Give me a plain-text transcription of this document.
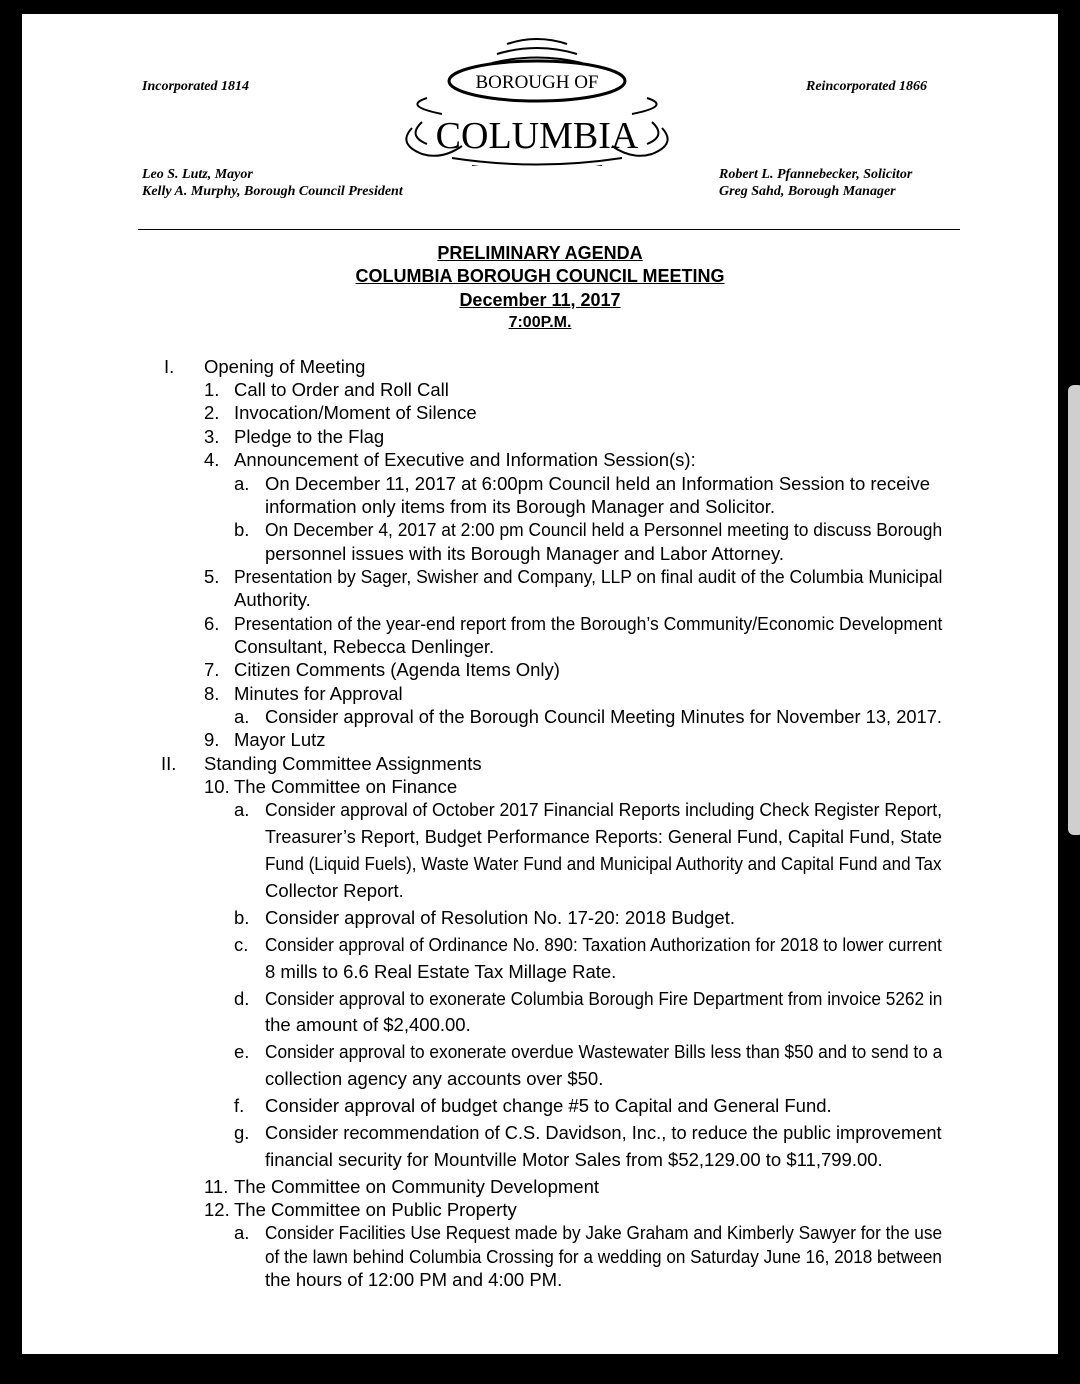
Incorporated 1814	Reincorporated 1866
BOROUGH OF
COLUMBIA
Leo S. Lutz, Mayor
Kelly A. Murphy, Borough Council President
Robert L. Pfannebecker, Solicitor
Greg Sahd, Borough Manager
PRELIMINARY AGENDA
COLUMBIA BOROUGH COUNCIL MEETING
December 11, 2017
7:00P.M.
I. Opening of Meeting
1. Call to Order and Roll Call
2. Invocation/Moment of Silence
3. Pledge to the Flag
4. Announcement of Executive and Information Session(s):
a. On December 11, 2017 at 6:00pm Council held an Information Session to receive
information only items from its Borough Manager and Solicitor.
b. On December 4, 2017 at 2:00 pm Council held a Personnel meeting to discuss Borough
personnel issues with its Borough Manager and Labor Attorney.
5. Presentation by Sager, Swisher and Company, LLP on final audit of the Columbia Municipal
Authority.
6. Presentation of the year-end report from the Borough’s Community/Economic Development
Consultant, Rebecca Denlinger.
7. Citizen Comments (Agenda Items Only)
8. Minutes for Approval
a. Consider approval of the Borough Council Meeting Minutes for November 13, 2017.
9. Mayor Lutz
II. Standing Committee Assignments
10. The Committee on Finance
a. Consider approval of October 2017 Financial Reports including Check Register Report,
Treasurer’s Report, Budget Performance Reports: General Fund, Capital Fund, State
Fund (Liquid Fuels), Waste Water Fund and Municipal Authority and Capital Fund and Tax
Collector Report.
b. Consider approval of Resolution No. 17-20: 2018 Budget.
c. Consider approval of Ordinance No. 890: Taxation Authorization for 2018 to lower current
8 mills to 6.6 Real Estate Tax Millage Rate.
d. Consider approval to exonerate Columbia Borough Fire Department from invoice 5262 in
the amount of $2,400.00.
e. Consider approval to exonerate overdue Wastewater Bills less than $50 and to send to a
collection agency any accounts over $50.
f. Consider approval of budget change #5 to Capital and General Fund.
g. Consider recommendation of C.S. Davidson, Inc., to reduce the public improvement
financial security for Mountville Motor Sales from $52,129.00 to $11,799.00.
11. The Committee on Community Development
12. The Committee on Public Property
a. Consider Facilities Use Request made by Jake Graham and Kimberly Sawyer for the use
of the lawn behind Columbia Crossing for a wedding on Saturday June 16, 2018 between
the hours of 12:00 PM and 4:00 PM.
